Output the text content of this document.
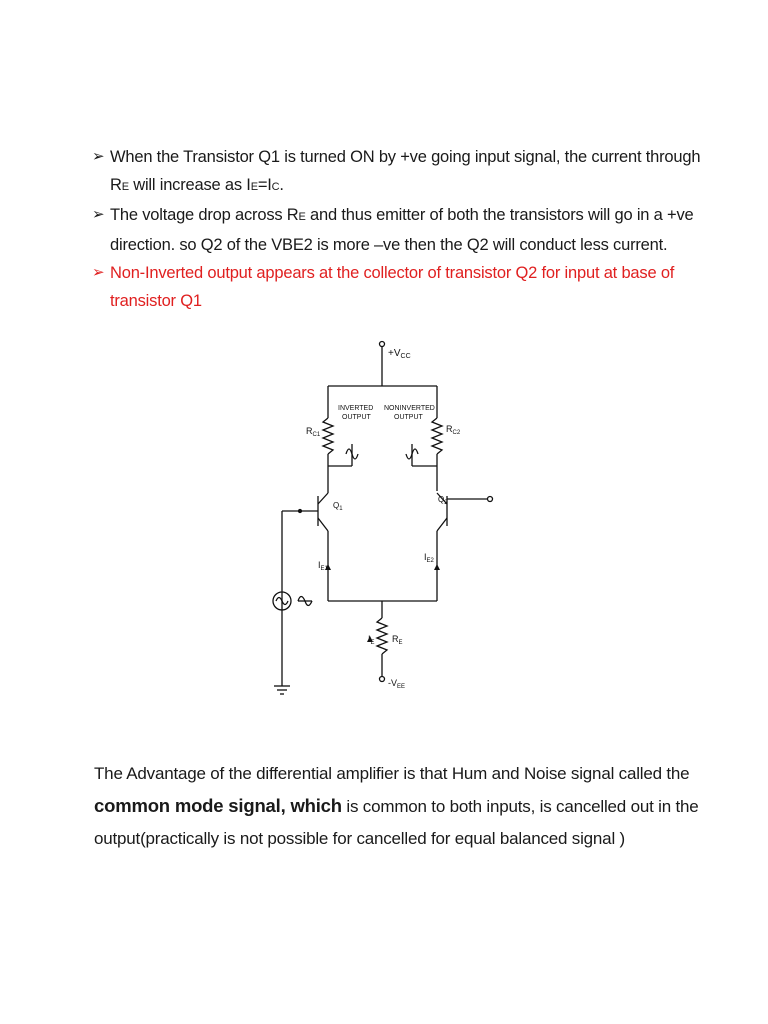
➢ When the Transistor Q1 is turned ON by +ve going input signal, the current through RE will increase as IE=IC.

➢ The voltage drop across RE and thus emitter of both the transistors will go in a +ve direction. so Q2 of the VBE2 is more –ve then the Q2 will conduct less current.

➢ Non-Inverted output appears at the collector of transistor Q2 for input at base of transistor Q1

$+V_{CC}$
INVERTED
OUTPUT
NONINVERTED
OUTPUT
$R_{C1}$
$R_{C2}$
$Q_1$
$Q_2$
$I_{E1}$
$I_{E2}$
$I_E$ $R_E$
$-V_{EE}$
The Advantage of the differential amplifier is that Hum and Noise signal called the common mode signal, which is common to both inputs, is cancelled out in the output(practically is not possible for cancelled for equal balanced signal )
